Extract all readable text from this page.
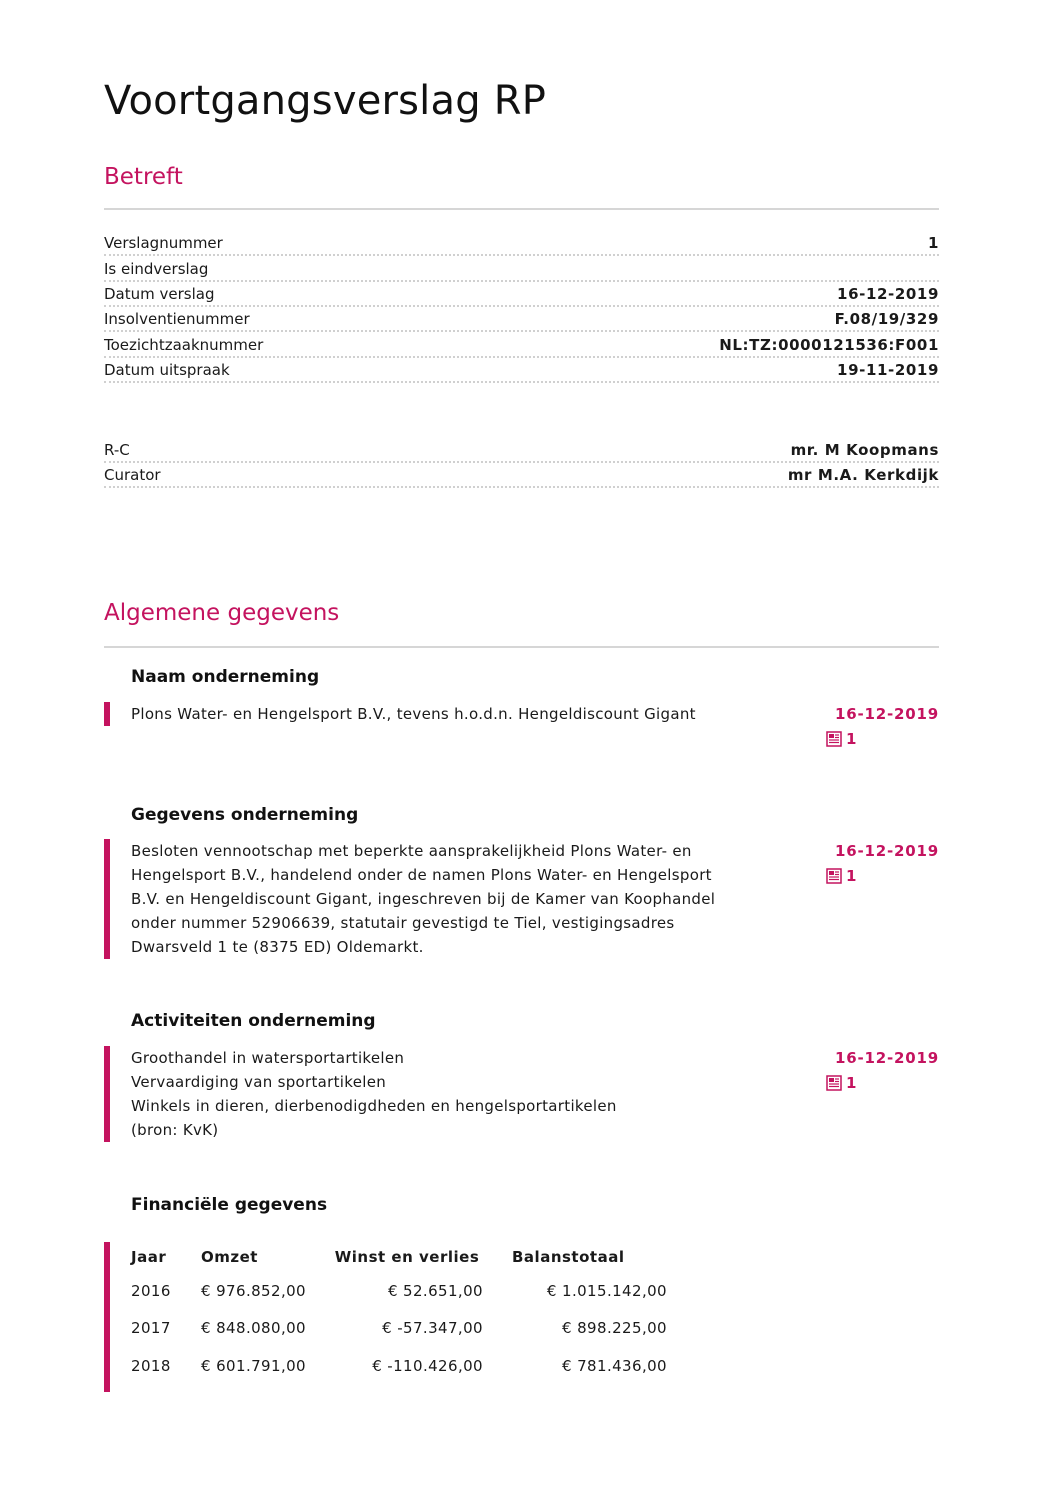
Voortgangsverslag RP
Betreft
Verslagnummer	1
Is eindverslag
Datum verslag	16-12-2019
Insolventienummer	F.08/19/329
Toezichtzaaknummer	NL:TZ:0000121536:F001
Datum uitspraak	19-11-2019
R-C	mr. M Koopmans
Curator	mr M.A. Kerkdijk
Algemene gegevens
Naam onderneming
Plons Water- en Hengelsport B.V., tevens h.o.d.n. Hengeldiscount Gigant	16-12-2019
1
Gegevens onderneming
Besloten vennootschap met beperkte aansprakelijkheid Plons Water- en
Hengelsport B.V., handelend onder de namen Plons Water- en Hengelsport
B.V. en Hengeldiscount Gigant, ingeschreven bij de Kamer van Koophandel
onder nummer 52906639, statutair gevestigd te Tiel, vestigingsadres
Dwarsveld 1 te (8375 ED) Oldemarkt.
16-12-2019
1
Activiteiten onderneming
Groothandel in watersportartikelen
Vervaardiging van sportartikelen
Winkels in dieren, dierbenodigdheden en hengelsportartikelen
(bron: KvK)
16-12-2019
1
Financiële gegevens
Jaar	Omzet	Winst en verlies	Balanstotaal
2016	€ 976.852,00	€ 52.651,00	€ 1.015.142,00
2017	€ 848.080,00	€ -57.347,00	€ 898.225,00
2018	€ 601.791,00	€ -110.426,00	€ 781.436,00
